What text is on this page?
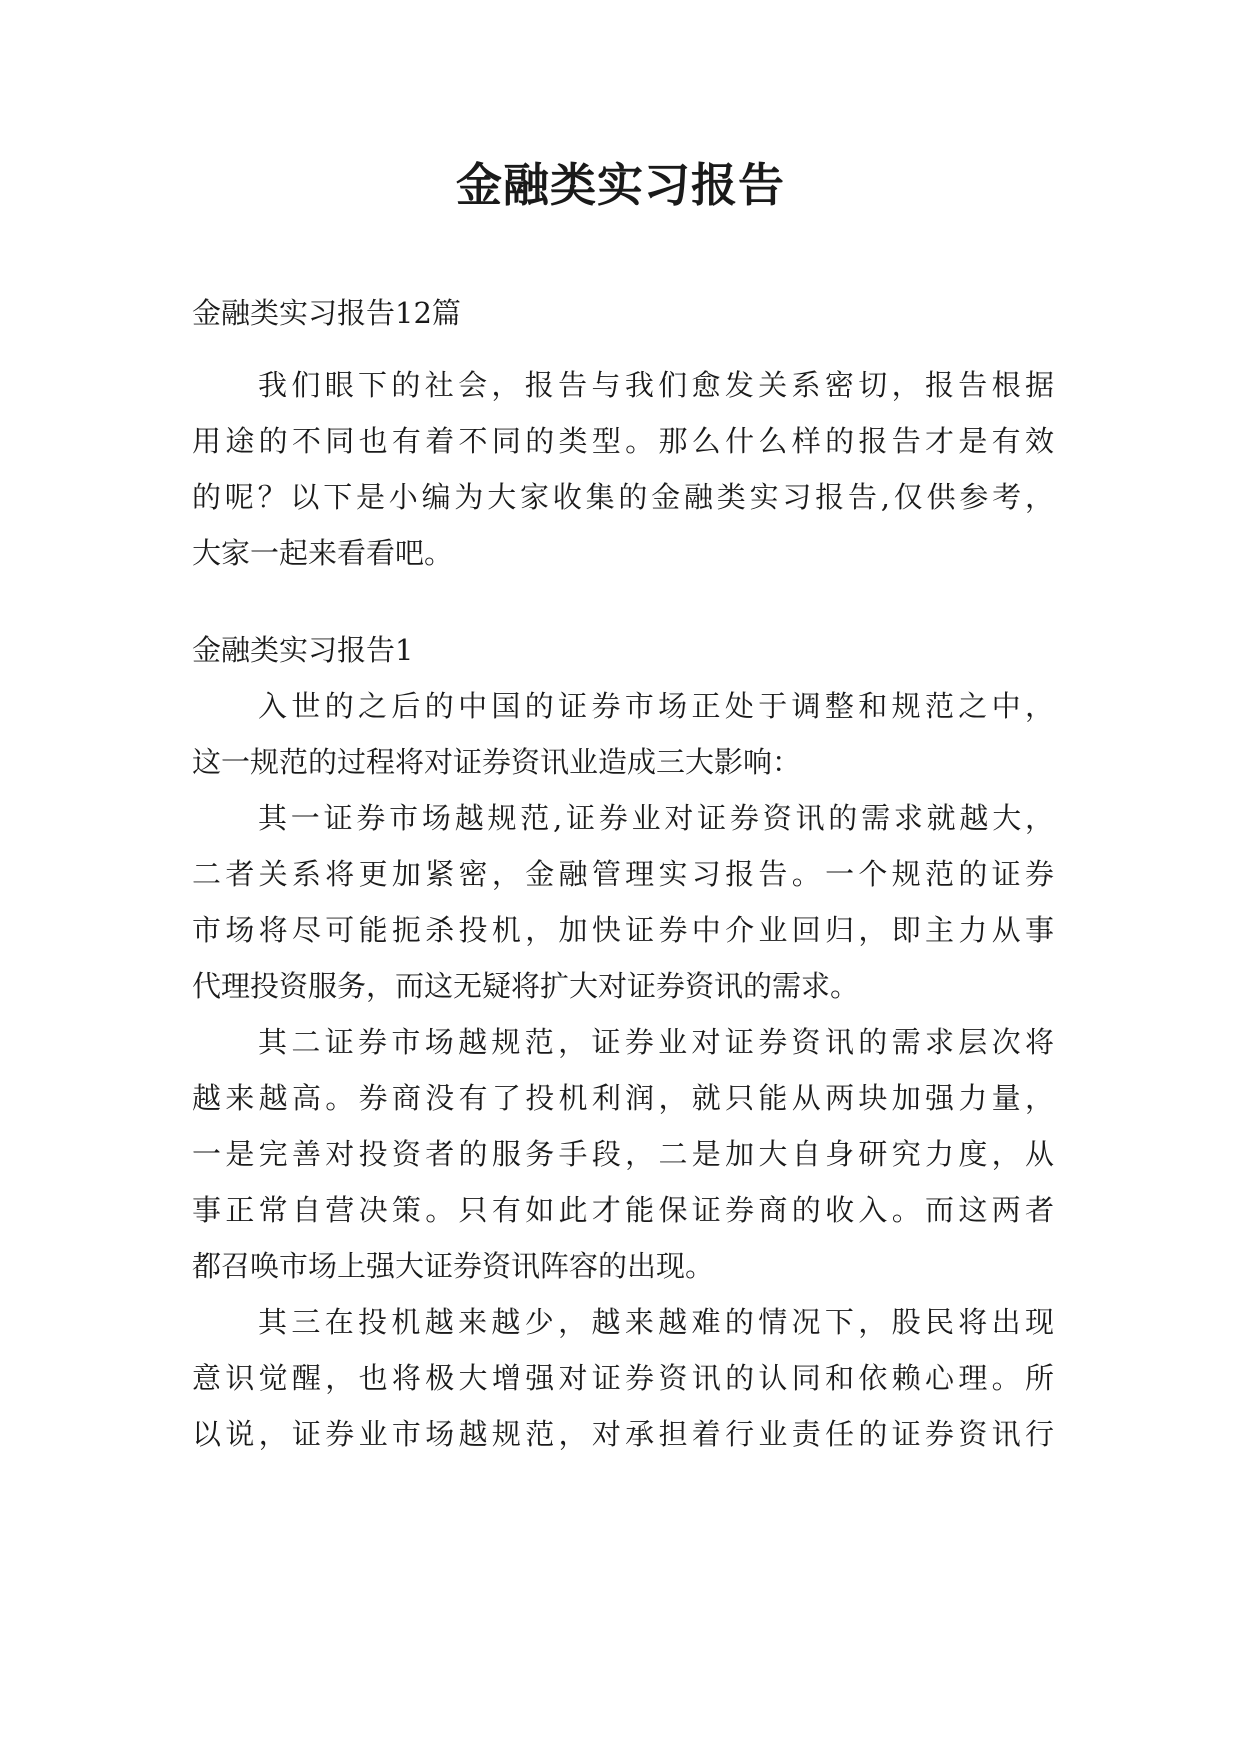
金融类实习报告
金融类实习报告12篇
我们眼下的社会，报告与我们愈发关系密切，报告根据
用途的不同也有着不同的类型。那么什么样的报告才是有效
的呢？以下是小编为大家收集的金融类实习报告,仅供参考，
大家一起来看看吧。
金融类实习报告1
入世的之后的中国的证券市场正处于调整和规范之中，
这一规范的过程将对证券资讯业造成三大影响：
其一证券市场越规范,证券业对证券资讯的需求就越大，
二者关系将更加紧密，金融管理实习报告。一个规范的证券
市场将尽可能扼杀投机，加快证券中介业回归，即主力从事
代理投资服务，而这无疑将扩大对证券资讯的需求。
其二证券市场越规范，证券业对证券资讯的需求层次将
越来越高。券商没有了投机利润，就只能从两块加强力量，
一是完善对投资者的服务手段，二是加大自身研究力度，从
事正常自营决策。只有如此才能保证券商的收入。而这两者
都召唤市场上强大证券资讯阵容的出现。
其三在投机越来越少，越来越难的情况下，股民将出现
意识觉醒，也将极大增强对证券资讯的认同和依赖心理。所
以说，证券业市场越规范，对承担着行业责任的证券资讯行
